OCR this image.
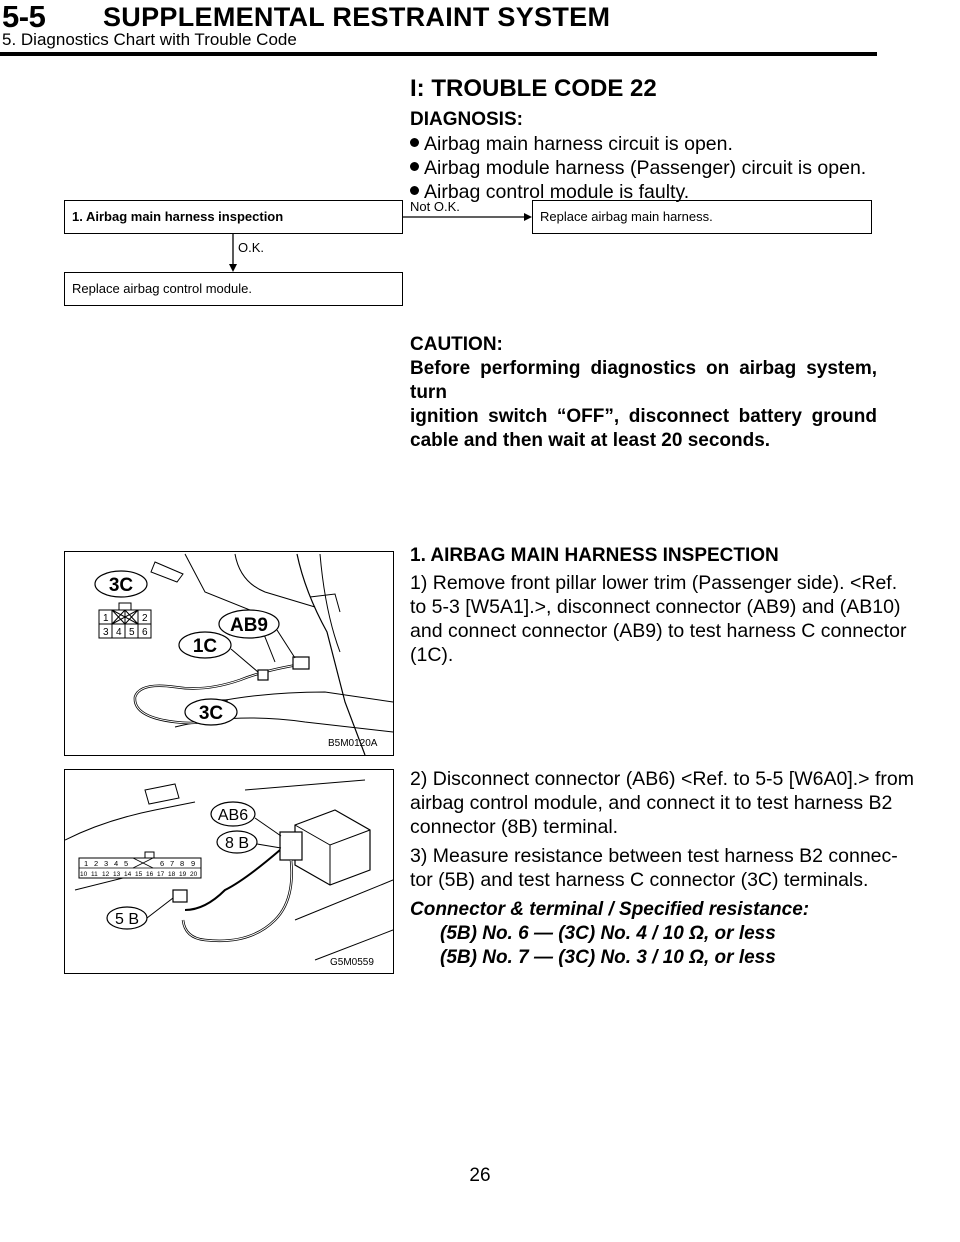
5-5 SUPPLEMENTAL RESTRAINT SYSTEM
5. Diagnostics Chart with Trouble Code
I: TROUBLE CODE 22
DIAGNOSIS:
Airbag main harness circuit is open.
Airbag module harness (Passenger) circuit is open.
Airbag control module is faulty.
1. Airbag main harness inspection	Replace airbag main harness.
Replace airbag control module.
Not O.K.
O.K.
CAUTION:
Before performing diagnostics on airbag system, turn
ignition switch “OFF”, disconnect battery ground
cable and then wait at least 20 seconds.
1	2
3 4 5 6
3C
1C
AB9
3C
B5M0120A
1 2 3 4 5	6 7 8 9
10 11 12 13 14 15 16 17 18 19 20
AB6
8 B
5 B
G5M0559
1. AIRBAG MAIN HARNESS INSPECTION
1) Remove front pillar lower trim (Passenger side). <Ref.
to 5-3 [W5A1].>, disconnect connector (AB9) and (AB10)
and connect connector (AB9) to test harness C connector
(1C).
2) Disconnect connector (AB6) <Ref. to 5-5 [W6A0].> from
airbag control module, and connect it to test harness B2
connector (8B) terminal.
3) Measure resistance between test harness B2 connec-
tor (5B) and test harness C connector (3C) terminals.
Connector & terminal / Specified resistance:
(5B) No. 6 — (3C) No. 4 / 10 Ω, or less
(5B) No. 7 — (3C) No. 3 / 10 Ω, or less
26
